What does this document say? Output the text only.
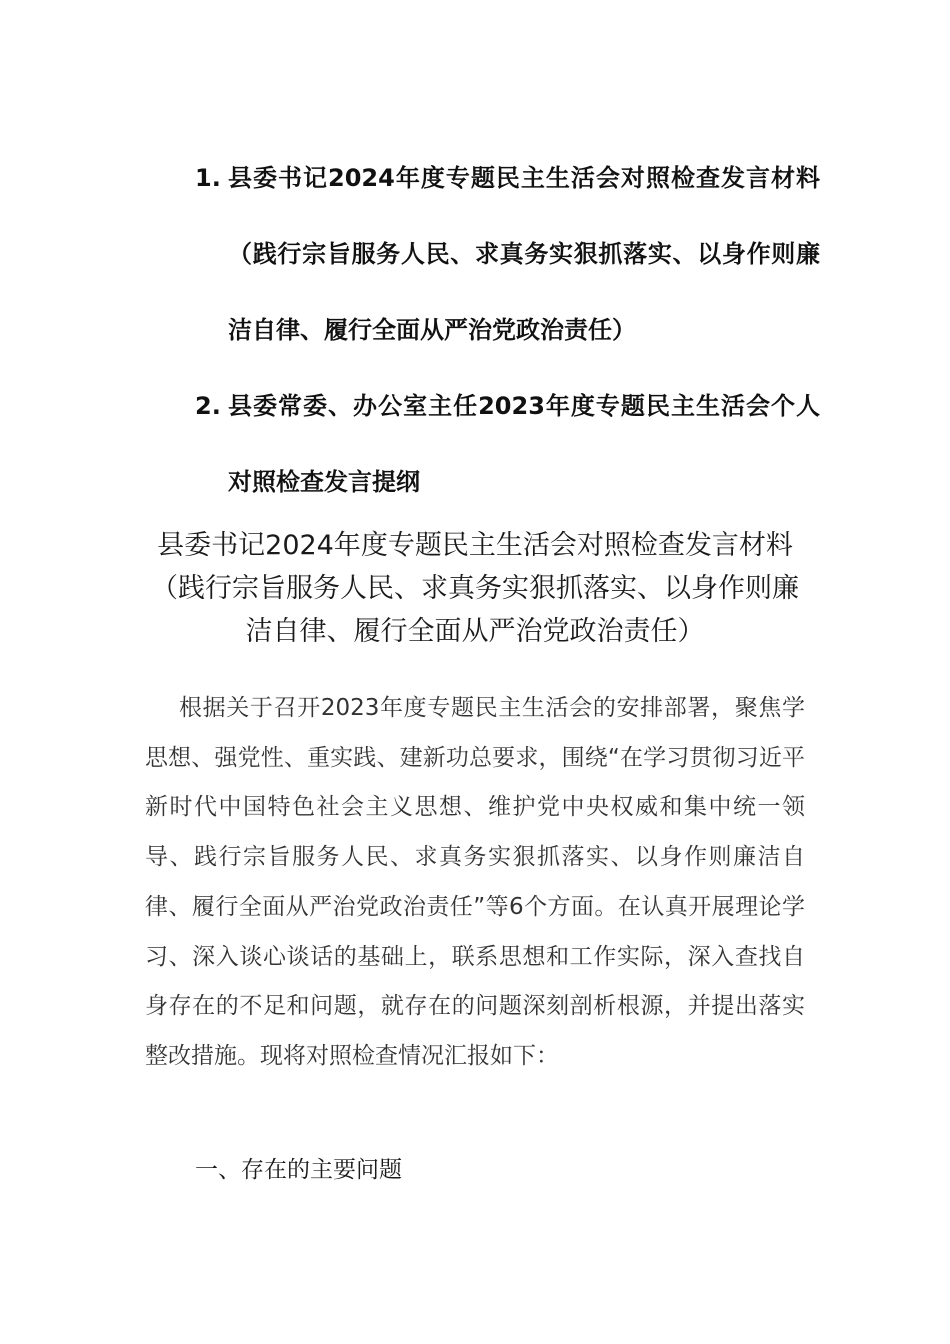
1. 县委书记2024年度专题民主生活会对照检查发言材料（践行宗旨服务人民、求真务实狠抓落实、以身作则廉洁自律、履行全面从严治党政治责任）
2. 县委常委、办公室主任2023年度专题民主生活会个人对照检查发言提纲
县委书记2024年度专题民主生活会对照检查发言材料（践行宗旨服务人民、求真务实狠抓落实、以身作则廉洁自律、履行全面从严治党政治责任）

根据关于召开2023年度专题民主生活会的安排部署，聚焦学思想、强党性、重实践、建新功总要求，围绕“在学习贯彻习近平新时代中国特色社会主义思想、维护党中央权威和集中统一领导、践行宗旨服务人民、求真务实狠抓落实、以身作则廉洁自律、履行全面从严治党政治责任”等6个方面。在认真开展理论学习、深入谈心谈话的基础上，联系思想和工作实际，深入查找自身存在的不足和问题，就存在的问题深刻剖析根源，并提出落实整改措施。现将对照检查情况汇报如下：

一、存在的主要问题
